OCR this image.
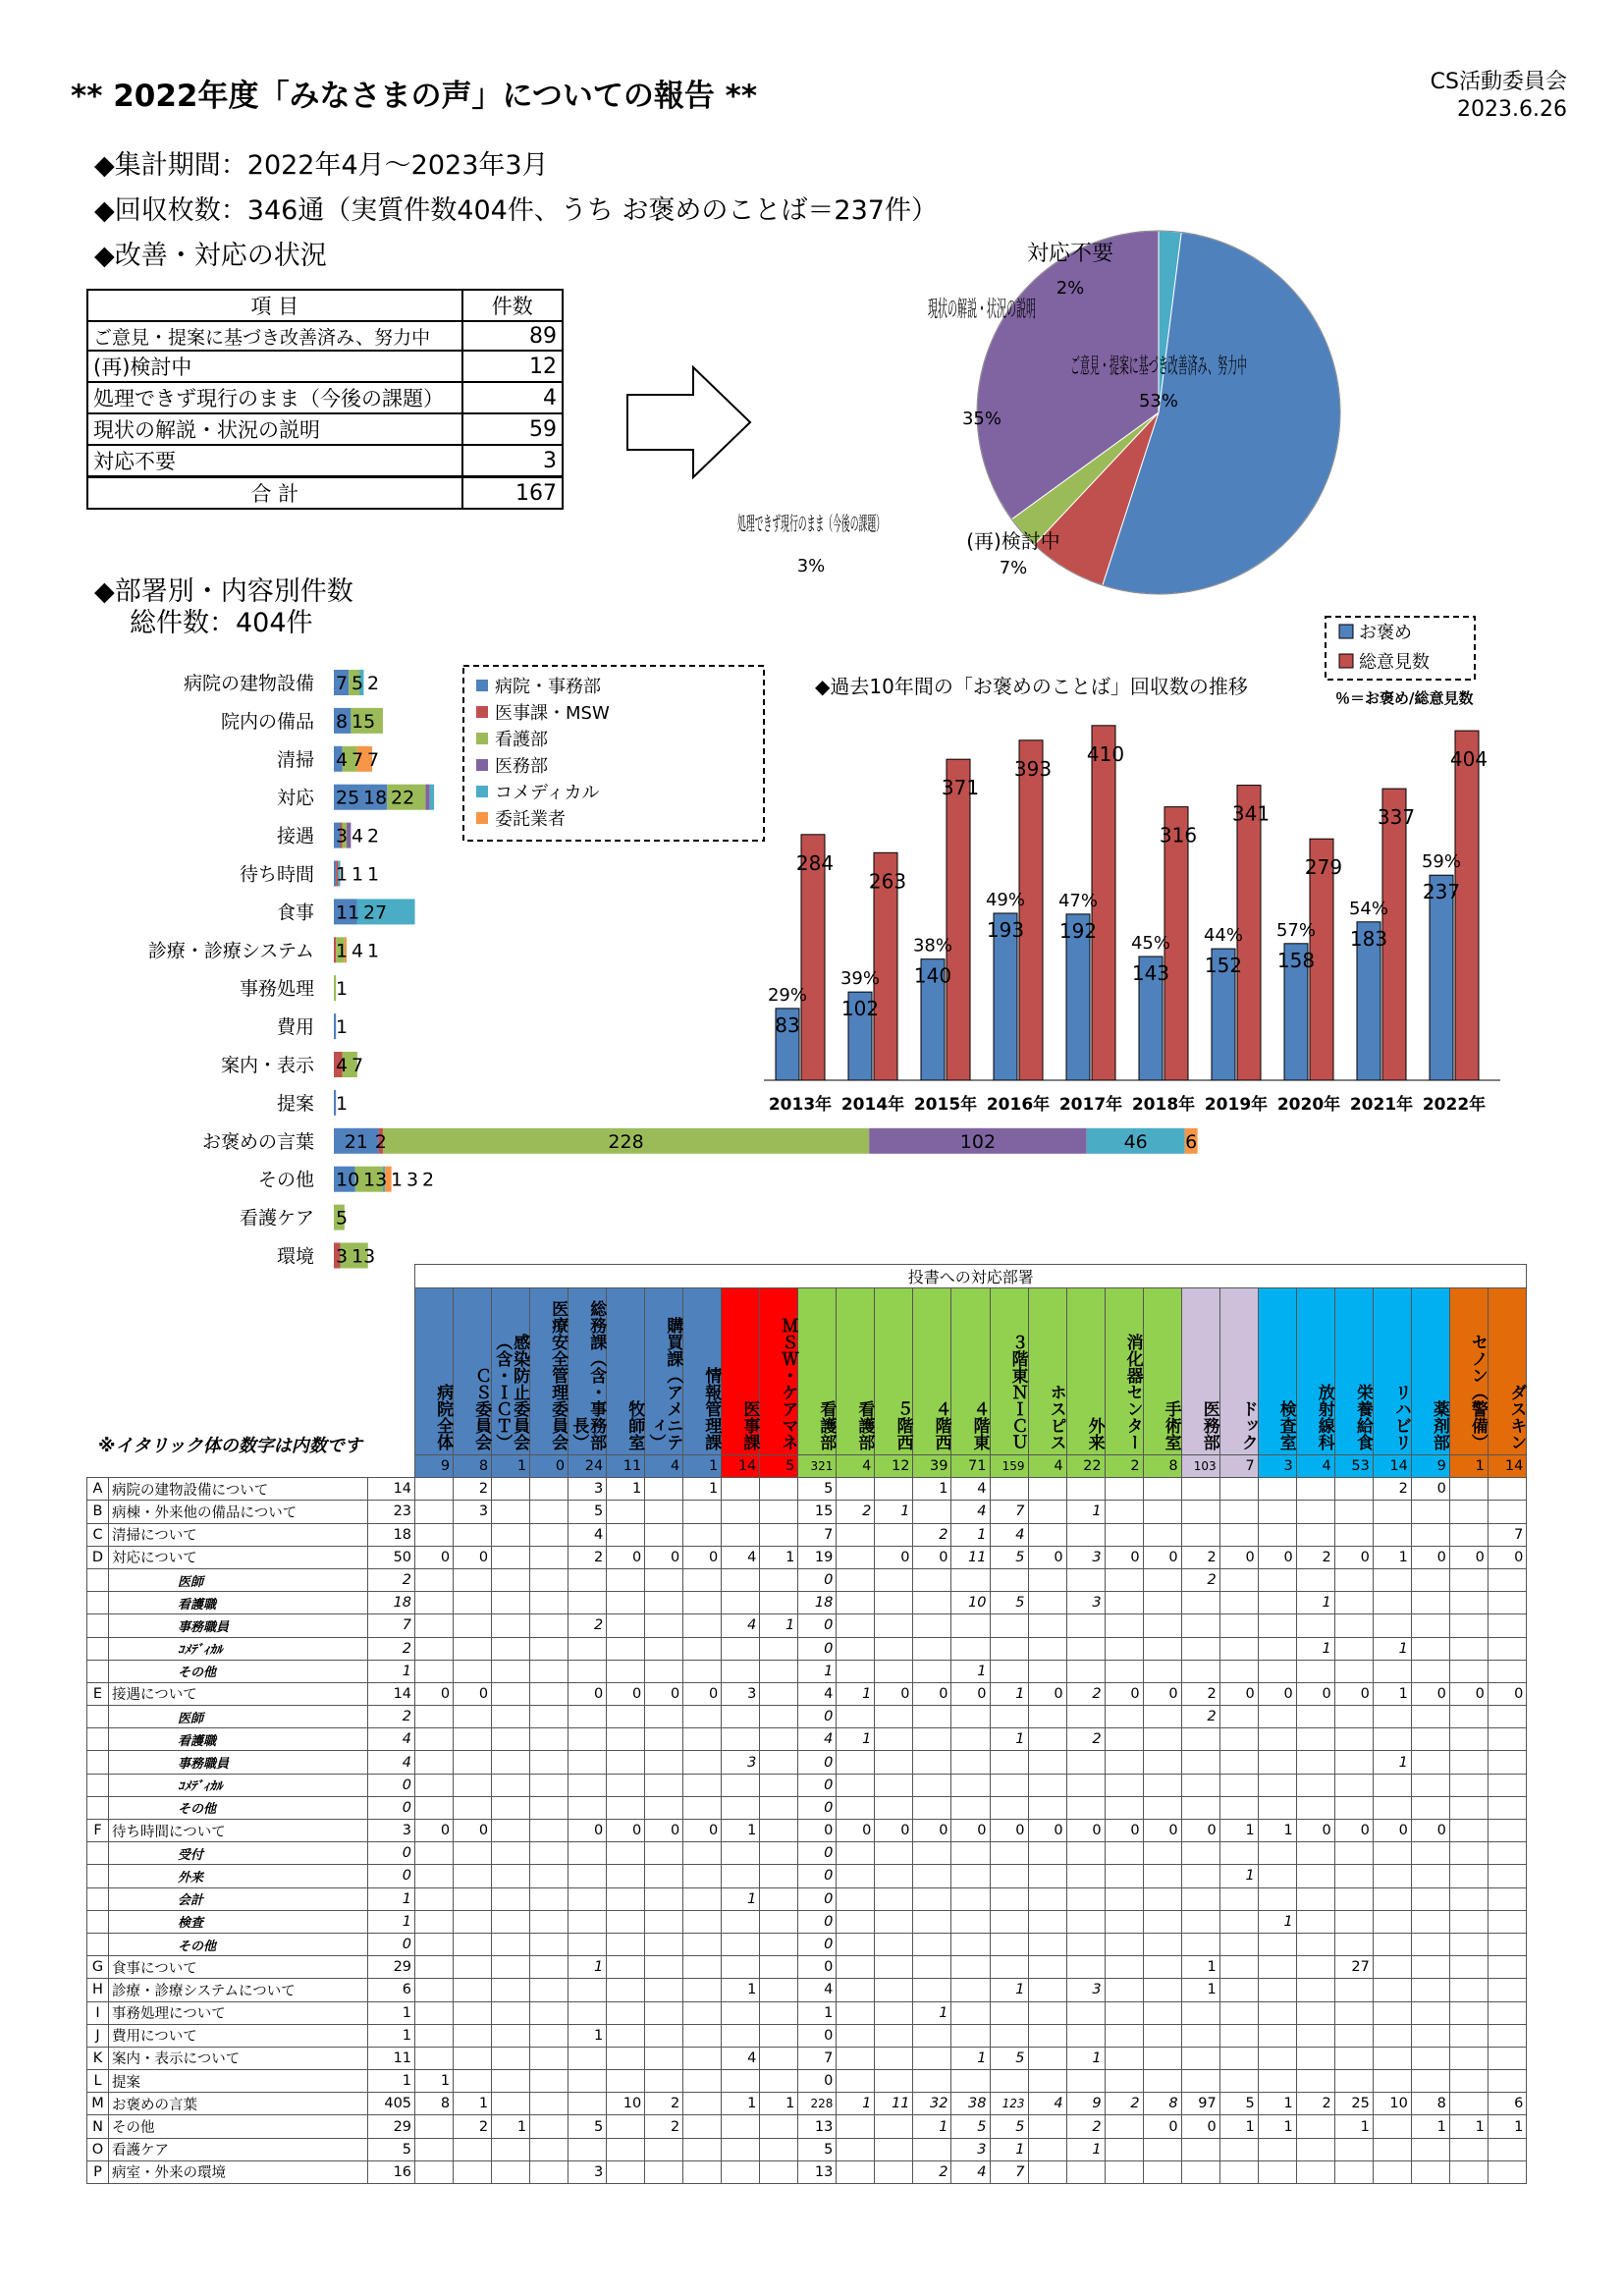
** 2022年度「みなさまの声」についての報告 **	CS活動委員会
2023.6.26
◆集計期間：2022年4月～2023年3月
◆回収枚数：346通（実質件数404件、うち お褒めのことば＝237件）
◆改善・対応の状況
項 目	件数
ご意見・提案に基づき改善済み、努力中	89
(再)検討中	12
処理できず現行のまま（今後の課題）	4
現状の解説・状況の説明	59
対応不要	3
合 計	167
ご意見・提案に基づき改善済み、努力中 53%
(再)検討中 7%
処理できず現行のまま（今後の課題） 3%
現状の解説・状況の説明 35%
対応不要 2%
◆部署別・内容別件数
総件数：404件
病院の建物設備 7 5 2
院内の備品 8 15
清掃 4 7 7
対応 25 18 22
接遇 3 4 2
待ち時間 1 1 1
食事 11 27
診療・診療システム 1 4 1
事務処理 1
費用 1
案内・表示 4 7
提案 1
お褒めの言葉 21 2	228	102	46 6
その他 10 13 1 3 2
看護ケア 5
環境 3 13
病院・事務部
医事課・MSW
看護部
医務部
コメディカル
委託業者
◆過去10年間の「お褒めのことば」回収数の推移
お褒め
総意見数
％＝お褒め/総意見数
83
284
29%
2013年
102
263
39%
2014年
140
371
38%
2015年
193
393
49%
2016年
192
410
47%
2017年
143
316
45%
2018年
152
341
44%
2019年
158
279
57%
2020年
183
337
54%
2021年
237
404
59%
2022年
※イタリック体の数字は内数です
			投書への対応部署																												
			病院全体	ＣＳ委員会	感染防止委員会（含・ＩＣＴ）	医療安全管理委員会	総務課（含・事務部長）	牧師室	購買課（アメニティ）	情報管理課	医事課	ＭＳＷ・ケアマネ	看護部	看護部	５階西	４階西	４階東	３階東ＮＩＣＵ	ホスピス	外来	消化器センター	手術室	医務部	ドック	検査室	放射線科	栄養給食	リハビリ	薬剤部	セノン（警備）	ダスキン
			9	8	1	0	24	11	4	1	14	5	321	4	12	39	71	159	4	22	2	8	103	7	3	4	53	14	9	1	14
A	病院の建物設備について	14		2			3	1		1			5			1	4											2	0		
B	病棟・外来他の備品について	23		3			5						15	2	1		4	7		1											
C	清掃について	18					4						7			2	1	4													7
D	対応について	50	0	0			2	0	0	0	4	1	19		0	0	11	5	0	3	0	0	2	0	0	2	0	1	0	0	0
	医師	2											0										2								
	看護職	18											18				10	5		3						1					
	事務職員	7					2				4	1	0																		
	ｺﾒﾃﾞｨｶﾙ	2											0													1		1			
	その他	1											1				1														
E	接遇について	14	0	0			0	0	0	0	3		4	1	0	0	0	1	0	2	0	0	2	0	0	0	0	1	0	0	0
	医師	2											0										2								
	看護職	4											4	1				1		2											
	事務職員	4									3		0															1			
	ｺﾒﾃﾞｨｶﾙ	0											0																		
	その他	0											0																		
F	待ち時間について	3	0	0			0	0	0	0	1		0	0	0	0	0	0	0	0	0	0	0	1	1	0	0	0	0		
	受付	0											0																		
	外来	0											0											1							
	会計	1									1		0																		
	検査	1											0												1						
	その他	0											0																		
G	食事について	29					1						0										1				27				
H	診療・診療システムについて	6									1		4					1		3			1								
I	事務処理について	1											1			1															
J	費用について	1					1						0																		
K	案内・表示について	11									4		7				1	5		1											
L	提案	1	1										0																		
M	お褒めの言葉	405	8	1				10	2		1	1	228	1	11	32	38	123	4	9	2	8	97	5	1	2	25	10	8		6
N	その他	29		2	1		5		2				13			1	5	5		2		0	0	1	1		1		1	1	1
O	看護ケア	5											5				3	1		1											
P	病室・外来の環境	16					3						13			2	4	7													
